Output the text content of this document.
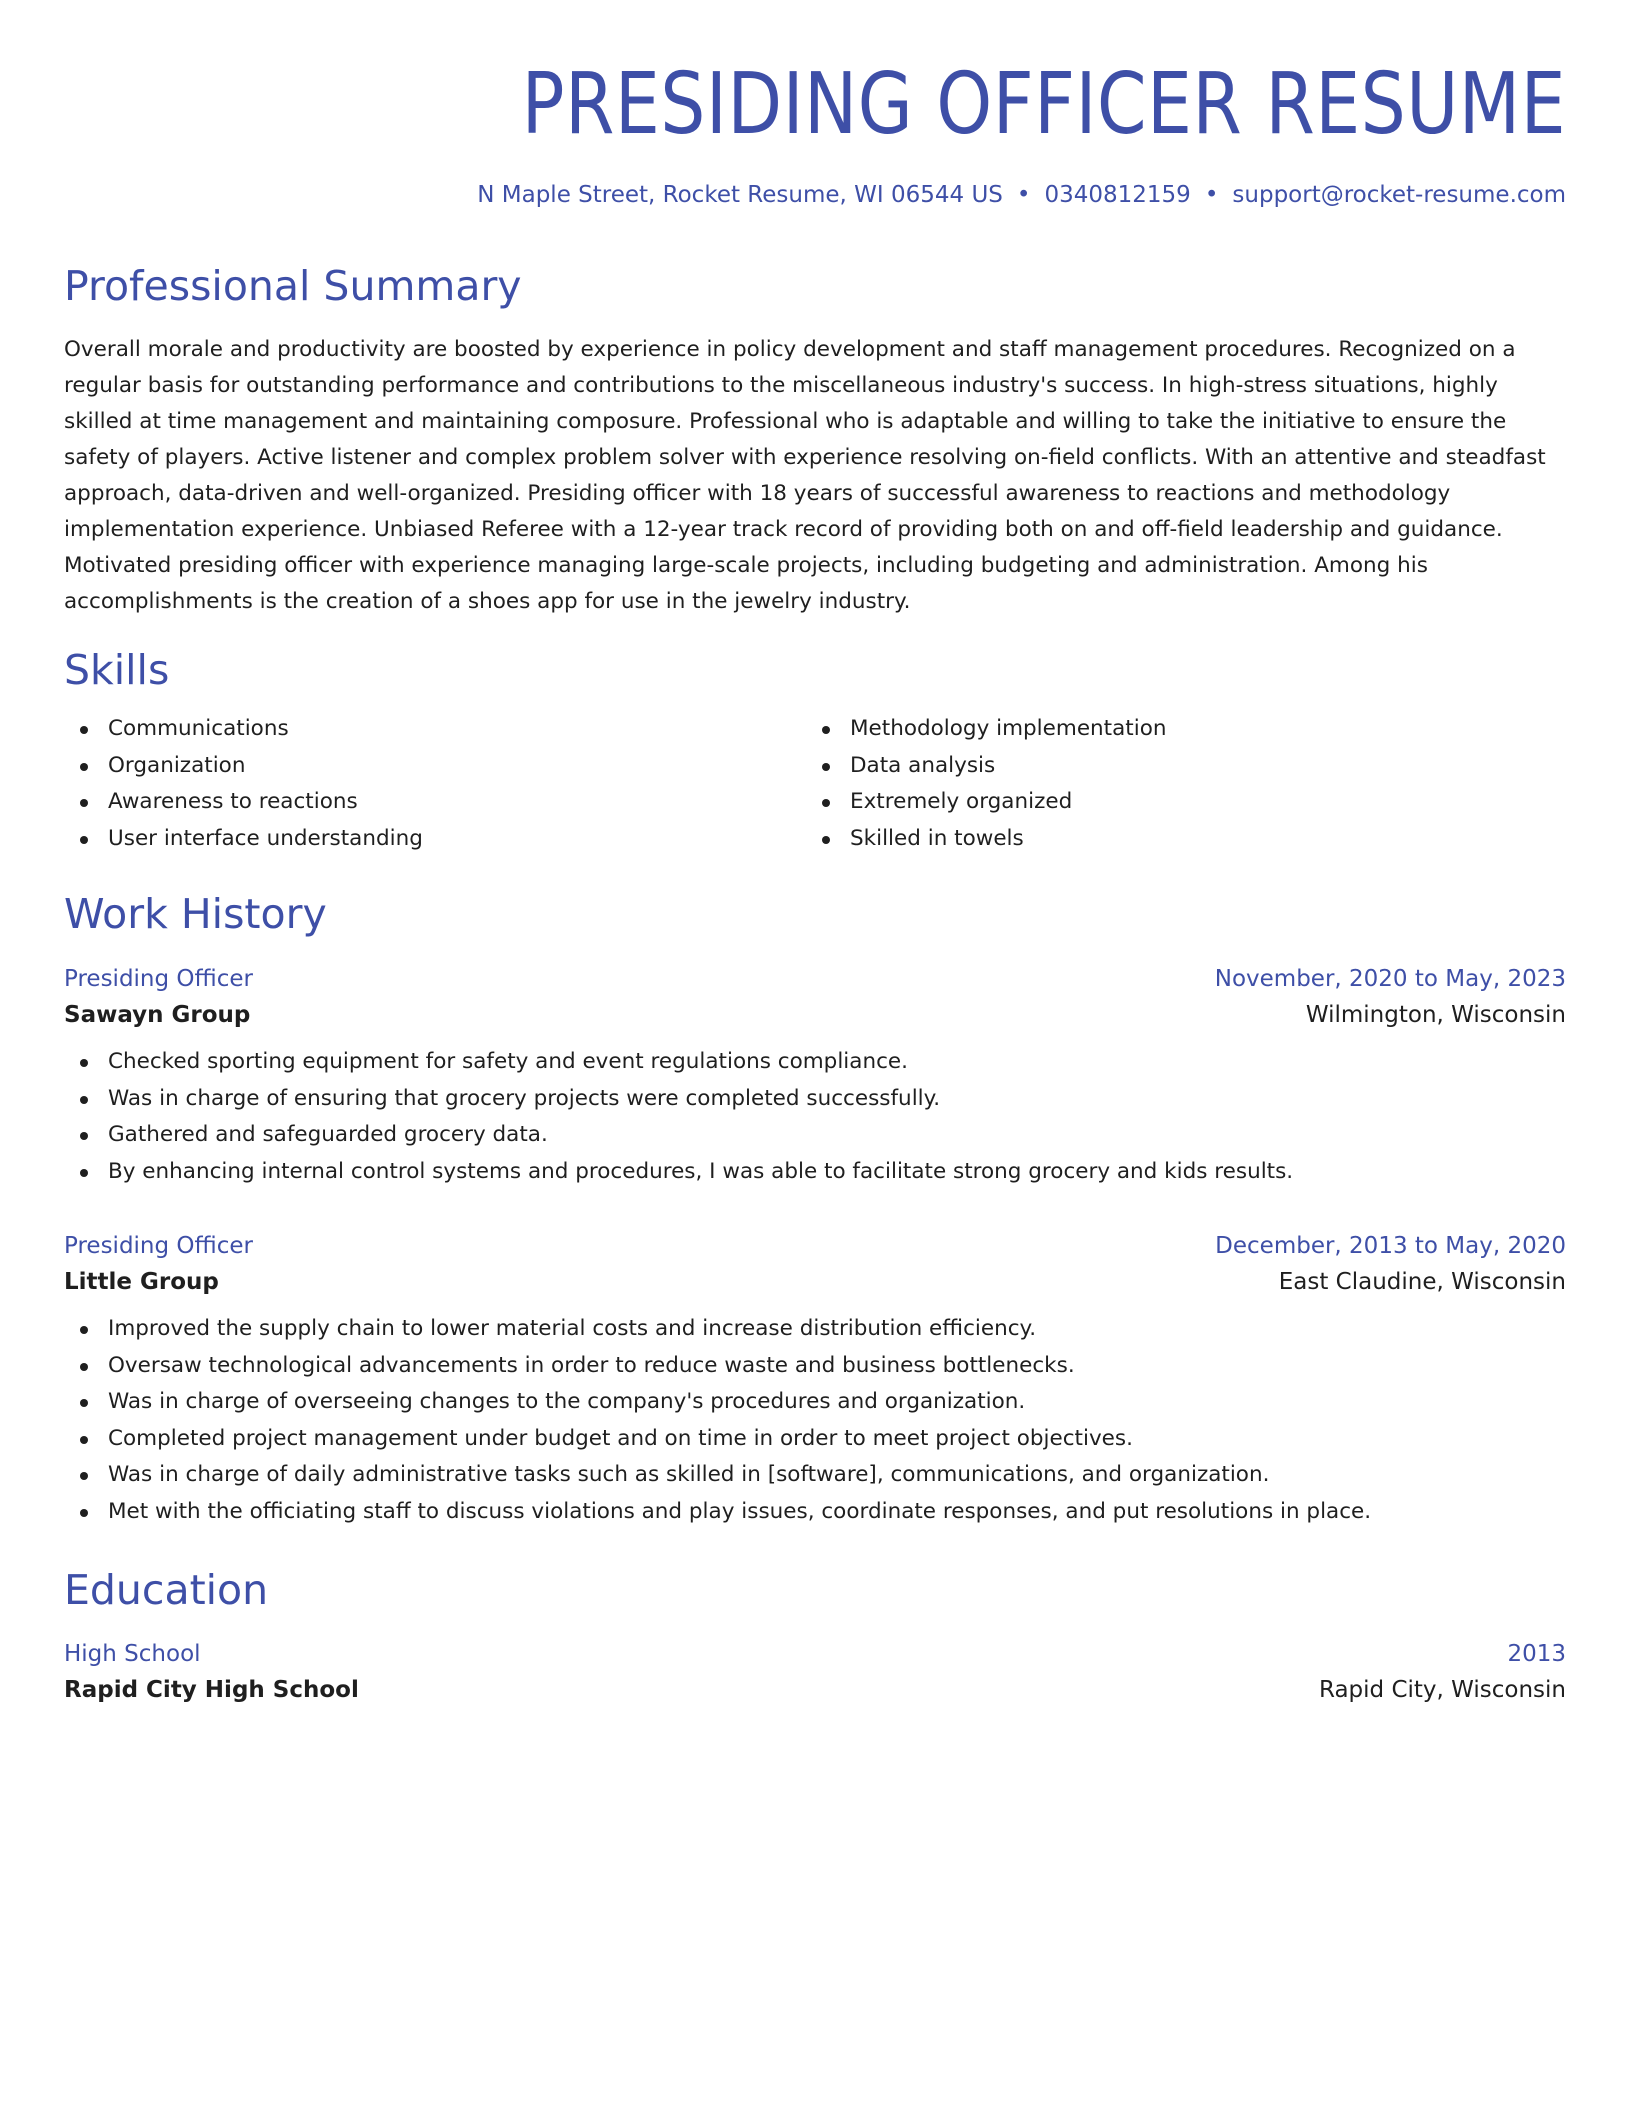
PRESIDING OFFICER RESUME
N Maple Street, Rocket Resume, WI 06544 US • 0340812159 • support@rocket-resume.com
Professional Summary
Overall morale and productivity are boosted by experience in policy development and staff management procedures. Recognized on a regular basis for outstanding performance and contributions to the miscellaneous industry's success. In high-stress situations, highly skilled at time management and maintaining composure. Professional who is adaptable and willing to take the initiative to ensure the safety of players. Active listener and complex problem solver with experience resolving on-field conflicts. With an attentive and steadfast approach, data-driven and well-organized. Presiding officer with 18 years of successful awareness to reactions and methodology implementation experience. Unbiased Referee with a 12-year track record of providing both on and off-field leadership and guidance. Motivated presiding officer with experience managing large-scale projects, including budgeting and administration. Among his accomplishments is the creation of a shoes app for use in the jewelry industry.
Skills
Communications
Organization
Awareness to reactions
User interface understanding
Methodology implementation
Data analysis
Extremely organized
Skilled in towels
Work History
Presiding Officer	November, 2020 to May, 2023
Sawayn Group	Wilmington, Wisconsin
Checked sporting equipment for safety and event regulations compliance.
Was in charge of ensuring that grocery projects were completed successfully.
Gathered and safeguarded grocery data.
By enhancing internal control systems and procedures, I was able to facilitate strong grocery and kids results.
Presiding Officer	December, 2013 to May, 2020
Little Group	East Claudine, Wisconsin
Improved the supply chain to lower material costs and increase distribution efficiency.
Oversaw technological advancements in order to reduce waste and business bottlenecks.
Was in charge of overseeing changes to the company's procedures and organization.
Completed project management under budget and on time in order to meet project objectives.
Was in charge of daily administrative tasks such as skilled in [software], communications, and organization.
Met with the officiating staff to discuss violations and play issues, coordinate responses, and put resolutions in place.
Education
High School	2013
Rapid City High School	Rapid City, Wisconsin
